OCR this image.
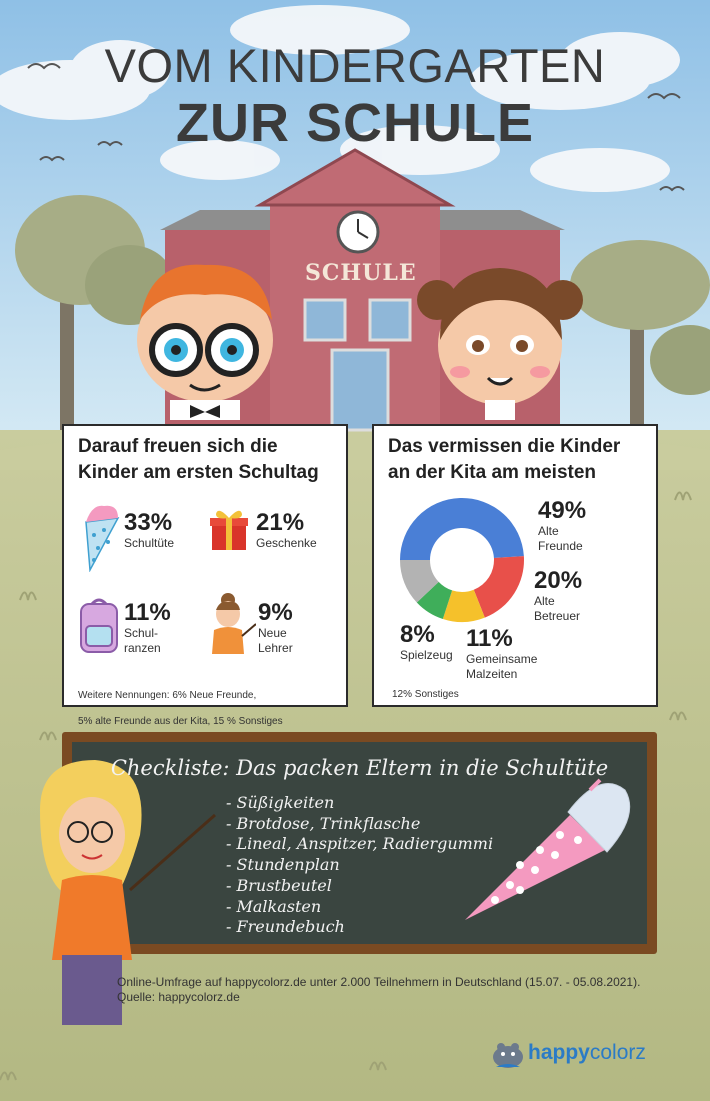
VOM KINDERGARTEN
ZUR SCHULE
SCHULE
Darauf freuen sich die
Kinder am ersten Schultag
33%
Schultüte
21%
Geschenke
11%
Schul-
ranzen
9%
Neue
Lehrer

Weitere Nennungen: 6% Neue Freunde,

5% alte Freunde aus der Kita, 15 % Sonstiges

Das vermissen die Kinder
an der Kita am meisten
49%
Alte
Freunde
20%
Alte
Betreuer
11%
Gemeinsame
Malzeiten
8%
Spielzeug
12% Sonstiges
Checkliste: Das packen Eltern in die Schultüte
- Süßigkeiten
- Brotdose, Trinkflasche
- Lineal, Anspitzer, Radiergummi
- Stundenplan
- Brustbeutel
- Malkasten
- Freundebuch
Online-Umfrage auf happycolorz.de unter 2.000 Teilnehmern in Deutschland (15.07. - 05.08.2021).
Quelle: happycolorz.de
happycolorz
